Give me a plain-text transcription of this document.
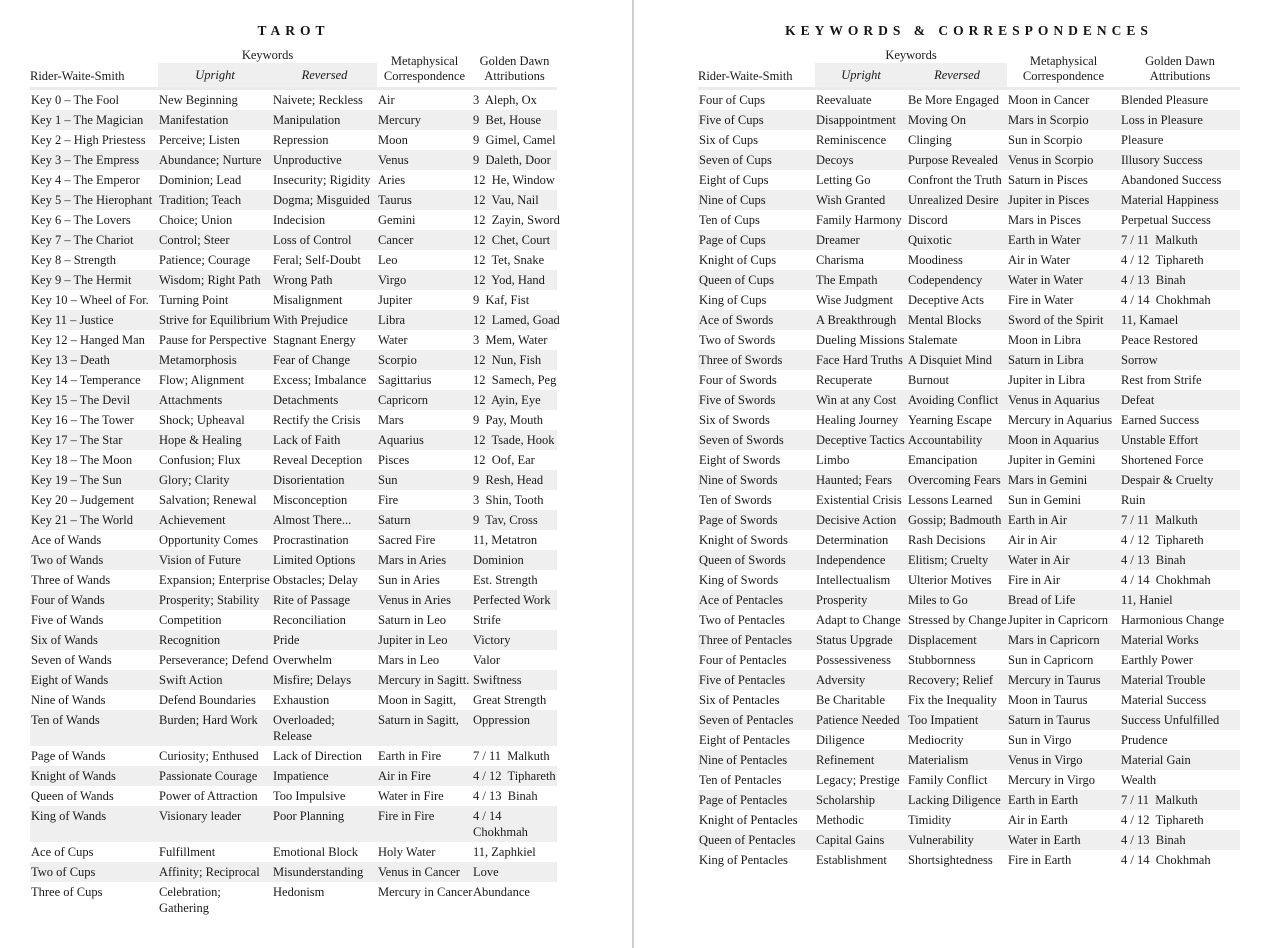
TAROT
	Keywords		Metaphysical
Correspondence	Golden Dawn
Attributions
Rider-Waite-Smith	Upright	Reversed		
Key 0 – The Fool	New Beginning	Naivete; Reckless	Air	3  Aleph, Ox
Key 1 – The Magician	Manifestation	Manipulation	Mercury	9  Bet, House
Key 2 – High Priestess	Perceive; Listen	Repression	Moon	9  Gimel, Camel
Key 3 – The Empress	Abundance; Nurture	Unproductive	Venus	9  Daleth, Door
Key 4 – The Emperor	Dominion; Lead	Insecurity; Rigidity	Aries	12  He, Window
Key 5 – The Hierophant	Tradition; Teach	Dogma; Misguided	Taurus	12  Vau, Nail
Key 6 – The Lovers	Choice; Union	Indecision	Gemini	12  Zayin, Sword
Key 7 – The Chariot	Control; Steer	Loss of Control	Cancer	12  Chet, Court
Key 8 – Strength	Patience; Courage	Feral; Self-Doubt	Leo	12  Tet, Snake
Key 9 – The Hermit	Wisdom; Right Path	Wrong Path	Virgo	12  Yod, Hand
Key 10 – Wheel of For.	Turning Point	Misalignment	Jupiter	9  Kaf, Fist
Key 11 – Justice	Strive for Equilibrium	With Prejudice	Libra	12  Lamed, Goad
Key 12 – Hanged Man	Pause for Perspective	Stagnant Energy	Water	3  Mem, Water
Key 13 – Death	Metamorphosis	Fear of Change	Scorpio	12  Nun, Fish
Key 14 – Temperance	Flow; Alignment	Excess; Imbalance	Sagittarius	12  Samech, Peg
Key 15 – The Devil	Attachments	Detachments	Capricorn	12  Ayin, Eye
Key 16 – The Tower	Shock; Upheaval	Rectify the Crisis	Mars	9  Pay, Mouth
Key 17 – The Star	Hope & Healing	Lack of Faith	Aquarius	12  Tsade, Hook
Key 18 – The Moon	Confusion; Flux	Reveal Deception	Pisces	12  Oof, Ear
Key 19 – The Sun	Glory; Clarity	Disorientation	Sun	9  Resh, Head
Key 20 – Judgement	Salvation; Renewal	Misconception	Fire	3  Shin, Tooth
Key 21 – The World	Achievement	Almost There...	Saturn	9  Tav, Cross
Ace of Wands	Opportunity Comes	Procrastination	Sacred Fire	11, Metatron
Two of Wands	Vision of Future	Limited Options	Mars in Aries	Dominion
Three of Wands	Expansion; Enterprise	Obstacles; Delay	Sun in Aries	Est. Strength
Four of Wands	Prosperity; Stability	Rite of Passage	Venus in Aries	Perfected Work
Five of Wands	Competition	Reconciliation	Saturn in Leo	Strife
Six of Wands	Recognition	Pride	Jupiter in Leo	Victory
Seven of Wands	Perseverance; Defend	Overwhelm	Mars in Leo	Valor
Eight of Wands	Swift Action	Misfire; Delays	Mercury in Sagitt.	Swiftness
Nine of Wands	Defend Boundaries	Exhaustion	Moon in Sagitt,	Great Strength
Ten of Wands	Burden; Hard Work	Overloaded;
Release	Saturn in Sagitt,	Oppression
Page of Wands	Curiosity; Enthused	Lack of Direction	Earth in Fire	7 / 11  Malkuth
Knight of Wands	Passionate Courage	Impatience	Air in Fire	4 / 12  Tiphareth
Queen of Wands	Power of Attraction	Too Impulsive	Water in Fire	4 / 13  Binah
King of Wands	Visionary leader	Poor Planning	Fire in Fire	4 / 14
Chokhmah
Ace of Cups	Fulfillment	Emotional Block	Holy Water	11, Zaphkiel
Two of Cups	Affinity; Reciprocal	Misunderstanding	Venus in Cancer	Love
Three of Cups	Celebration;
Gathering	Hedonism	Mercury in Cancer	Abundance
KEYWORDS & CORRESPONDENCES
	Keywords		Metaphysical
Correspondence	Golden Dawn
Attributions
Rider-Waite-Smith	Upright	Reversed		
Four of Cups	Reevaluate	Be More Engaged	Moon in Cancer	Blended Pleasure
Five of Cups	Disappointment	Moving On	Mars in Scorpio	Loss in Pleasure
Six of Cups	Reminiscence	Clinging	Sun in Scorpio	Pleasure
Seven of Cups	Decoys	Purpose Revealed	Venus in Scorpio	Illusory Success
Eight of Cups	Letting Go	Confront the Truth	Saturn in Pisces	Abandoned Success
Nine of Cups	Wish Granted	Unrealized Desire	Jupiter in Pisces	Material Happiness
Ten of Cups	Family Harmony	Discord	Mars in Pisces	Perpetual Success
Page of Cups	Dreamer	Quixotic	Earth in Water	7 / 11  Malkuth
Knight of Cups	Charisma	Moodiness	Air in Water	4 / 12  Tiphareth
Queen of Cups	The Empath	Codependency	Water in Water	4 / 13  Binah
King of Cups	Wise Judgment	Deceptive Acts	Fire in Water	4 / 14  Chokhmah
Ace of Swords	A Breakthrough	Mental Blocks	Sword of the Spirit	11, Kamael
Two of Swords	Dueling Missions	Stalemate	Moon in Libra	Peace Restored
Three of Swords	Face Hard Truths	A Disquiet Mind	Saturn in Libra	Sorrow
Four of Swords	Recuperate	Burnout	Jupiter in Libra	Rest from Strife
Five of Swords	Win at any Cost	Avoiding Conflict	Venus in Aquarius	Defeat
Six of Swords	Healing Journey	Yearning Escape	Mercury in Aquarius	Earned Success
Seven of Swords	Deceptive Tactics	Accountability	Moon in Aquarius	Unstable Effort
Eight of Swords	Limbo	Emancipation	Jupiter in Gemini	Shortened Force
Nine of Swords	Haunted; Fears	Overcoming Fears	Mars in Gemini	Despair & Cruelty
Ten of Swords	Existential Crisis	Lessons Learned	Sun in Gemini	Ruin
Page of Swords	Decisive Action	Gossip; Badmouth	Earth in Air	7 / 11  Malkuth
Knight of Swords	Determination	Rash Decisions	Air in Air	4 / 12  Tiphareth
Queen of Swords	Independence	Elitism; Cruelty	Water in Air	4 / 13  Binah
King of Swords	Intellectualism	Ulterior Motives	Fire in Air	4 / 14  Chokhmah
Ace of Pentacles	Prosperity	Miles to Go	Bread of Life	11, Haniel
Two of Pentacles	Adapt to Change	Stressed by Change	Jupiter in Capricorn	Harmonious Change
Three of Pentacles	Status Upgrade	Displacement	Mars in Capricorn	Material Works
Four of Pentacles	Possessiveness	Stubbornness	Sun in Capricorn	Earthly Power
Five of Pentacles	Adversity	Recovery; Relief	Mercury in Taurus	Material Trouble
Six of Pentacles	Be Charitable	Fix the Inequality	Moon in Taurus	Material Success
Seven of Pentacles	Patience Needed	Too Impatient	Saturn in Taurus	Success Unfulfilled
Eight of Pentacles	Diligence	Mediocrity	Sun in Virgo	Prudence
Nine of Pentacles	Refinement	Materialism	Venus in Virgo	Material Gain
Ten of Pentacles	Legacy; Prestige	Family Conflict	Mercury in Virgo	Wealth
Page of Pentacles	Scholarship	Lacking Diligence	Earth in Earth	7 / 11  Malkuth
Knight of Pentacles	Methodic	Timidity	Air in Earth	4 / 12  Tiphareth
Queen of Pentacles	Capital Gains	Vulnerability	Water in Earth	4 / 13  Binah
King of Pentacles	Establishment	Shortsightedness	Fire in Earth	4 / 14  Chokhmah
